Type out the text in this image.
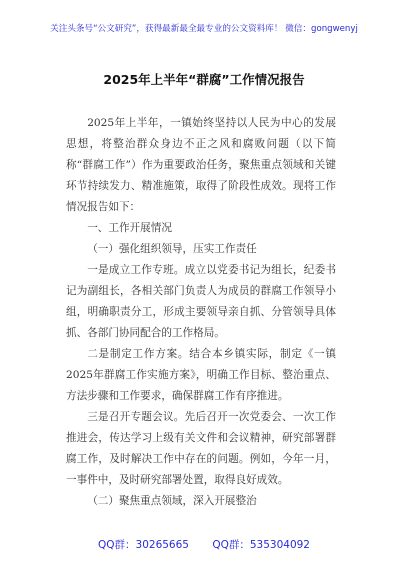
关注头条号“公文研究”，获得最新最全最专业的公文资料库！ 微信：gongwenyj
2025年上半年“群腐”工作情况报告

2025年上半年，一镇始终坚持以人民为中心的发展思想，将整治群众身边不正之风和腐败问题（以下简称“群腐工作”）作为重要政治任务，聚焦重点领域和关键环节持续发力、精准施策，取得了阶段性成效。现将工作情况报告如下：

一、工作开展情况

（一）强化组织领导，压实工作责任

一是成立工作专班。成立以党委书记为组长，纪委书记为副组长，各相关部门负责人为成员的群腐工作领导小组，明确职责分工，形成主要领导亲自抓、分管领导具体抓、各部门协同配合的工作格局。

二是制定工作方案。结合本乡镇实际，制定《一镇2025年群腐工作实施方案》，明确工作目标、整治重点、方法步骤和工作要求，确保群腐工作有序推进。

三是召开专题会议。先后召开一次党委会、一次工作推进会，传达学习上级有关文件和会议精神，研究部署群腐工作，及时解决工作中存在的问题。例如，今年一月，一事件中，及时研究部署处置，取得良好成效。

（二）聚焦重点领域，深入开展整治

QQ群：30265665 QQ群：535304092
